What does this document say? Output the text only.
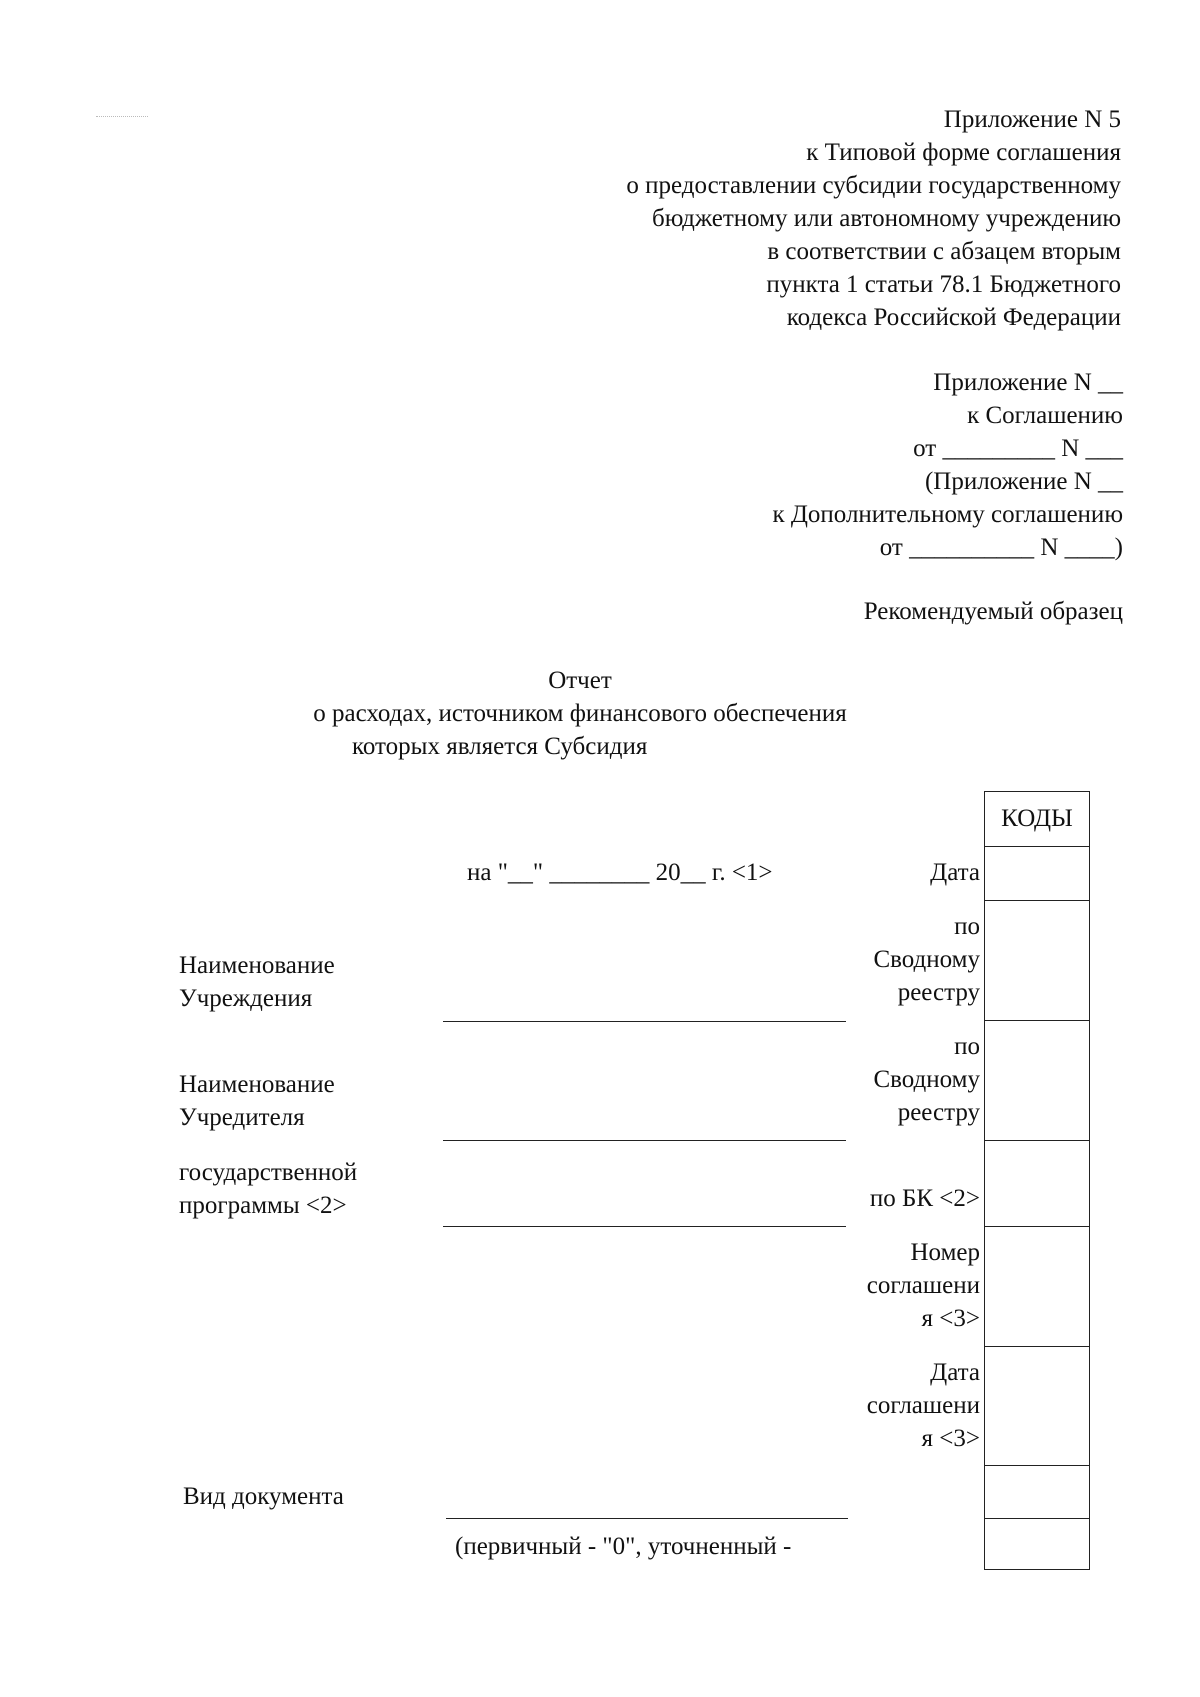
Приложение N 5
к Типовой форме соглашения
о предоставлении субсидии государственному
бюджетному или автономному учреждению
в соответствии с абзацем вторым
пункта 1 статьи 78.1 Бюджетного
кодекса Российской Федерации
Приложение N __
к Соглашению
от _________ N ___
(Приложение N __
к Дополнительному соглашению
от __________ N ____)
Рекомендуемый образец
Отчет
о расходах, источником финансового обеспечения
которых является Субсидия
КОДЫ
на "__" ________ 20__ г. <1>	Дата
по
Сводному
реестру
по
Сводному
реестру
по БК <2>
Номер
соглашени
я <3>
Дата
соглашени
я <3>
Наименование
Учреждения
Наименование
Учредителя
государственной
программы <2>
Вид документа
(первичный - "0", уточненный -
